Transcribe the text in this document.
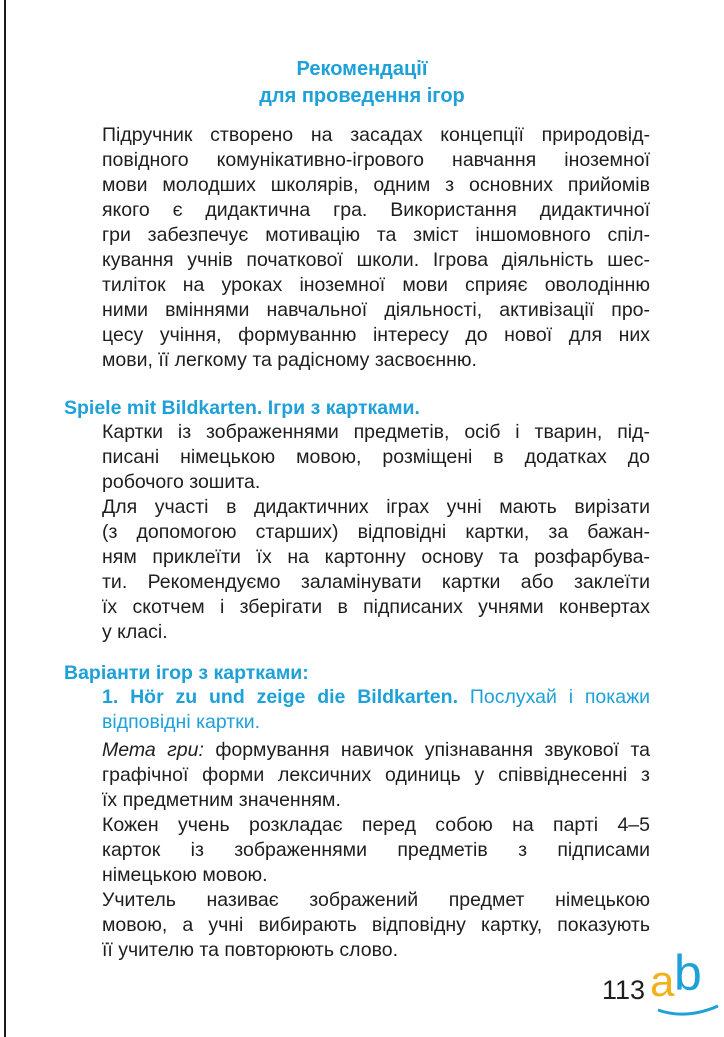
Рекомендації
для проведення ігор
Підручник створено на засадах концепції природовід-
повідного комунікативно-ігрового навчання іноземної
мови молодших школярів, одним з основних прийомів
якого є дидактична гра. Використання дидактичної
гри забезпечує мотивацію та зміст іншомовного спіл-
кування учнів початкової школи. Ігрова діяльність шес-
тиліток на уроках іноземної мови сприяє оволодінню
ними вміннями навчальної діяльності, активізації про-
цесу учіння, формуванню інтересу до нової для них
мови, її легкому та радісному засвоєнню.
Spiele mit Bildkarten. Ігри з картками.
Картки із зображеннями предметів, осіб і тварин, під-
писані німецькою мовою, розміщені в додатках до
робочого зошита.
Для участі в дидактичних іграх учні мають вирізати
(з допомогою старших) відповідні картки, за бажан-
ням приклеїти їх на картонну основу та розфарбува-
ти. Рекомендуємо заламінувати картки або заклеїти
їх скотчем і зберігати в підписаних учнями конвертах
у класі.
Варіанти ігор з картками:
1. Hör zu und zeige die Bildkarten. Послухай і покажи
відповідні картки.
Мета гри: формування навичок упізнавання звукової та
графічної форми лексичних одиниць у співвіднесенні з
їх предметним значенням.
Кожен учень розкладає перед собою на парті 4–5
карток із зображеннями предметів з підписами
німецькою мовою.
Учитель називає зображений предмет німецькою
мовою, а учні вибирають відповідну картку, показують
її учителю та повторюють слово.
113 a b
